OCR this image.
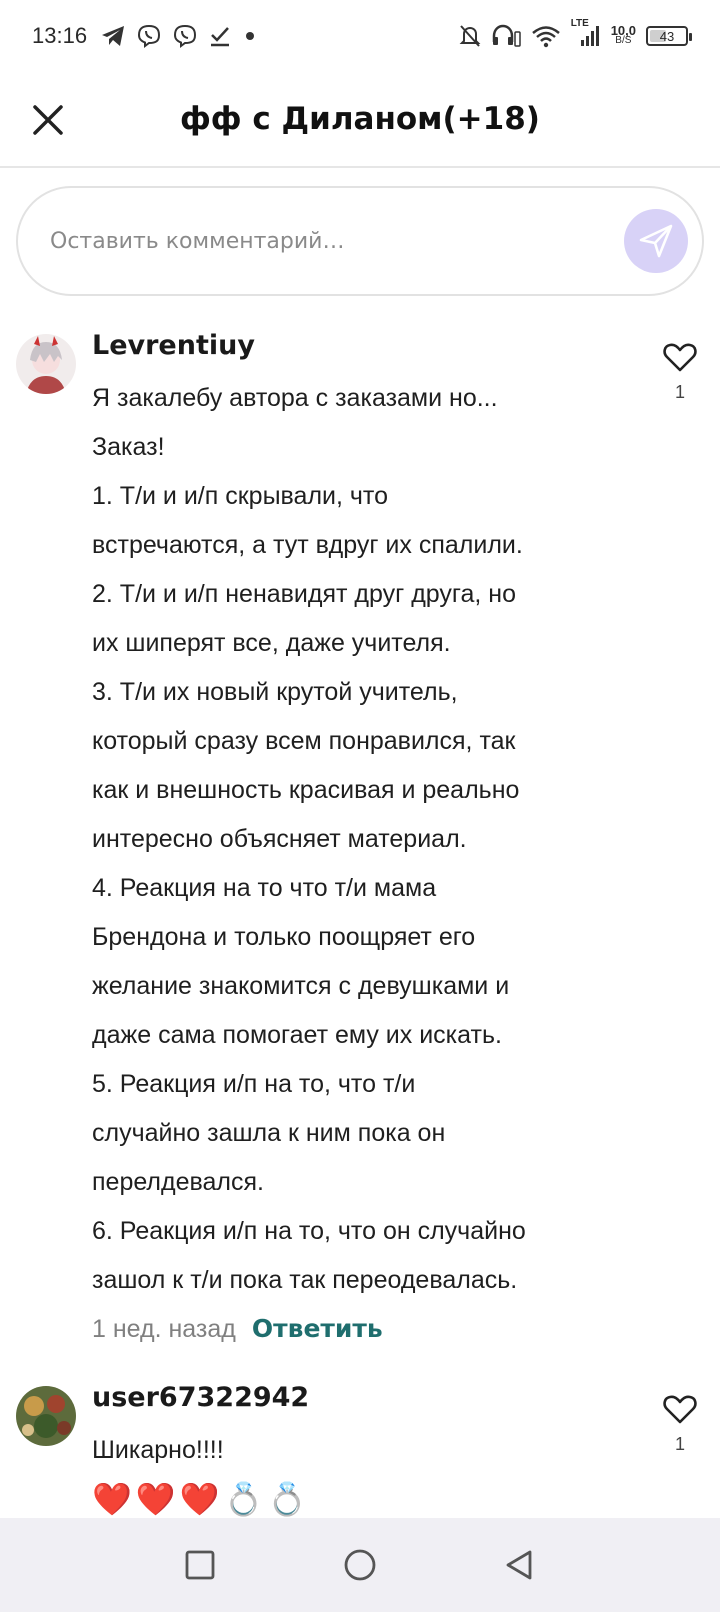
13:16	LTE 10,0
B/S 43
фф с Диланом(+18)
Оставить комментарий…
Levrentiuy
Я закалебу автора с заказами но...
Заказ!
1. Т/и и и/п скрывали, что
встречаются, а тут вдруг их спалили.
2. Т/и и и/п ненавидят друг друга, но
их шиперят все, даже учителя.
3. Т/и их новый крутой учитель,
который сразу всем понравился, так
как и внешность красивая и реально
интересно объясняет материал.
4. Реакция на то что т/и мама
Брендона и только поощряет его
желание знакомится с девушками и
даже сама помогает ему их искать.
5. Реакция и/п на то, что т/и
случайно зашла к ним пока он
перелдевался.
6. Реакция и/п на то, что он случайно
зашол к т/и пока так переодевалась.
1
1 нед. назад Ответить
user67322942
Шикарно!!!!
❤️ ❤️ ❤️ 💍 💍
1
